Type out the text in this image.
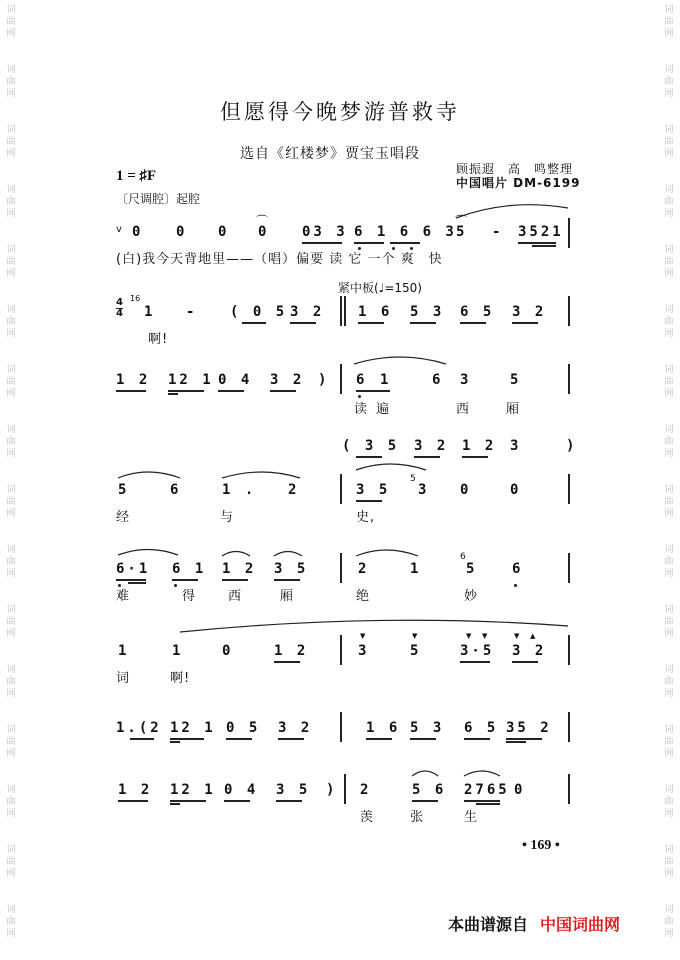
词
曲
网
词
曲
网
词
曲
网
词
曲
网
词
曲
网
词
曲
网
词
曲
网
词
曲
网
词
曲
网
词
曲
网
词
曲
网
词
曲
网
词
曲
网
词
曲
网
词
曲
网
词
曲
网
词
曲
网
词
曲
网
词
曲
网
词
曲
网
词
曲
网
词
曲
网
词
曲
网
词
曲
网
词
曲
网
词
曲
网
词
曲
网
词
曲
网
词
曲
网
词
曲
网
词
曲
网
词
曲
网
但愿得今晚梦游普救寺
选自《红楼梦》贾宝玉唱段
顾振遐　高　鸣整理
中国唱片 DM-6199
1 = ♯F
〔尺调腔〕起腔
紧中板(♩=150)
ⅴ 0 0 0 0
⌒
03 3 6 1 6 6 3 5
⌒
- 3521
(白)我今天背地里——（唱）偏要 读 它 一个 爽　快
4
4
1̇6
1 - ( 0 5 3 2 1 6 5 3 6 5 3 2
啊!
1 2 12 1 0 4 3 2 ) 6 1	6 3	5
读 遍	西	厢
( 3 5 3 2 1 2 3	)
5	6	1 . 2	3 5
5
3 0	0
经	与	史,
6·1 6 1 1 2 3 5	2	1
6
5 6
难	得 西	厢	绝	妙
1	1	0	1 2	3	5	3·5 3 2
▼	▼	▼ ▼	▼ ▲
词	啊!
1.(2 12 1 0 5 3 2	1 6 5 3 6 5 35 2
1 2 12 1 0 4 3 5 ) 2	5 6 2765 0
羡	张	生
• 169 •
本曲谱源自 中国词曲网
